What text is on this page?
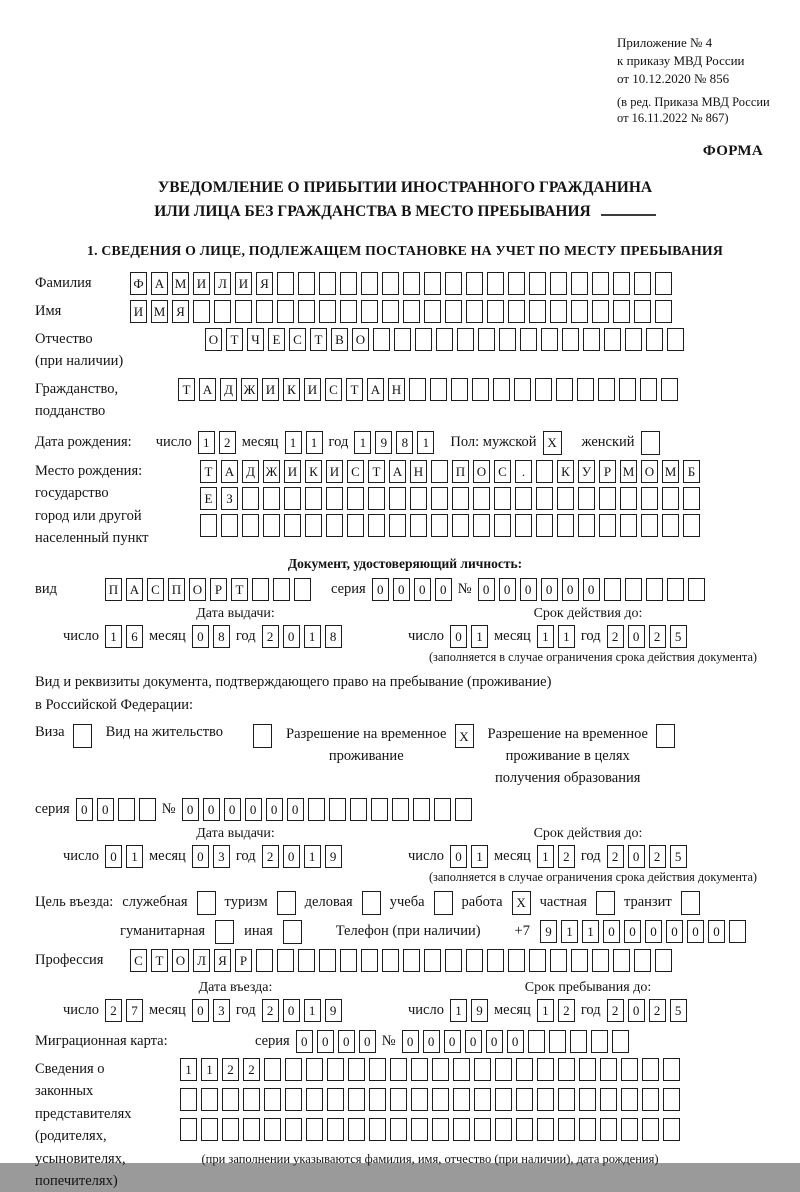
Приложение № 4
к приказу МВД России
от 10.12.2020 № 856
(в ред. Приказа МВД России
от 16.11.2022 № 867)
ФОРМА
УВЕДОМЛЕНИЕ О ПРИБЫТИИ ИНОСТРАННОГО ГРАЖДАНИНА
ИЛИ ЛИЦА БЕЗ ГРАЖДАНСТВА В МЕСТО ПРЕБЫВАНИЯ
1. СВЕДЕНИЯ О ЛИЦЕ, ПОДЛЕЖАЩЕМ ПОСТАНОВКЕ НА УЧЕТ ПО МЕСТУ ПРЕБЫВАНИЯ
Фамилия	Ф А М И Л И Я
Имя	И М Я
Отчество
(при наличии)
О Т Ч Е С Т В О
Гражданство,
подданство
Т А Д Ж И К И С Т А Н
Дата рождения: число 1	2 месяц 1	1 год 1	9	8	1	Пол: мужской X	женский
Место рождения:
государство
город или другой
населенный пункт
Т А Д Ж И К И С Т А Н	П О С	.	К У Р М О М Б
Е	З
Документ, удостоверяющий личность:
вид	П А С П О Р	Т	серия 0	0	0	0 № 0	0	0	0	0	0
Дата выдачи:
число 1	6 месяц 0	8 год 2	0	1	8
Срок действия до:
число 0	1 месяц 1	1 год 2	0	2	5
(заполняется в случае ограничения срока действия документа)
Вид и реквизиты документа, подтверждающего право на пребывание (проживание)
в Российской Федерации:
Виза	Вид на жительство	Разрешение на временное
проживание
X	Разрешение на временное
проживание в целях
получения образования
серия 0	0	№ 0	0	0	0	0	0
Дата выдачи:
число 0	1 месяц 0	3 год 2	0	1	9
Срок действия до:
число 0	1 месяц 1	2 год 2	0	2	5
(заполняется в случае ограничения срока действия документа)
Цель въезда: служебная	туризм	деловая	учеба	работа	X частная	транзит
гуманитарная	иная	Телефон (при наличии) +7	9	1	1	0	0	0	0	0	0
Профессия	С Т О Л Я	Р
Дата въезда:
число 2	7 месяц 0	3 год 2	0	1	9
Срок пребывания до:
число 1	9 месяц 1	2 год 2	0	2	5
Миграционная карта:	серия 0	0	0	0 № 0	0	0	0	0	0
Сведения о
законных
представителях
(родителях,
усыновителях,
попечителях)
1	1	2	2
(при заполнении указываются фамилия, имя, отчество (при наличии), дата рождения)
